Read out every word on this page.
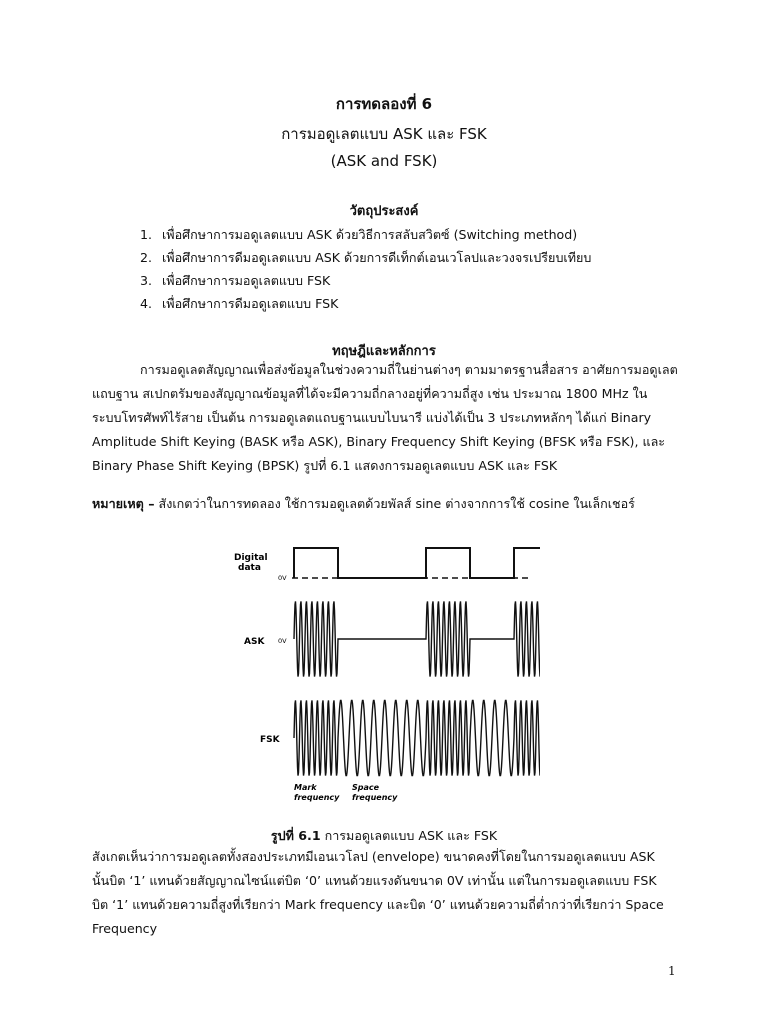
การทดลองที่ 6
การมอดูเลตแบบ ASK และ FSK
(ASK and FSK)
วัตถุประสงค์
1. เพื่อศึกษาการมอดูเลตแบบ ASK ด้วยวิธีการสลับสวิตซ์ (Switching method)
2. เพื่อศึกษาการดีมอดูเลตแบบ ASK ด้วยการดีเท็กต์เอนเวโลปและวงจรเปรียบเทียบ
3. เพื่อศึกษาการมอดูเลตแบบ FSK
4. เพื่อศึกษาการดีมอดูเลตแบบ FSK
ทฤษฎีและหลักการ
การมอดูเลตสัญญาณเพื่อส่งข้อมูลในช่วงความถี่ในย่านต่างๆ ตามมาตรฐานสื่อสาร อาศัยการมอดูเลต
แถบฐาน สเปกตรัมของสัญญาณข้อมูลที่ได้จะมีความถี่กลางอยู่ที่ความถี่สูง เช่น ประมาณ 1800 MHz ใน
ระบบโทรศัพท์ไร้สาย เป็นต้น การมอดูเลตแถบฐานแบบไบนารี แบ่งได้เป็น 3 ประเภทหลักๆ ได้แก่ Binary
Amplitude Shift Keying (BASK หรือ ASK), Binary Frequency Shift Keying (BFSK หรือ FSK), และ
Binary Phase Shift Keying (BPSK) รูปที่ 6.1 แสดงการมอดูเลตแบบ ASK และ FSK
หมายเหตุ – สังเกตว่าในการทดลอง ใช้การมอดูเลตด้วยพัลส์ sine ต่างจากการใช้ cosine ในเล็กเชอร์
Digital
data
0V
ASK 0V
FSK
Mark
frequency
Space
frequency
รูปที่ 6.1 การมอดูเลตแบบ ASK และ FSK
สังเกตเห็นว่าการมอดูเลตทั้งสองประเภทมีเอนเวโลป (envelope) ขนาดคงที่โดยในการมอดูเลตแบบ ASK
นั้นบิต ‘1’ แทนด้วยสัญญาณไซน์แต่บิต ‘0’ แทนด้วยแรงดันขนาด 0V เท่านั้น แต่ในการมอดูเลตแบบ FSK
บิต ‘1’ แทนด้วยความถี่สูงที่เรียกว่า Mark frequency และบิต ‘0’ แทนด้วยความถี่ต่ำกว่าที่เรียกว่า Space
Frequency
1
